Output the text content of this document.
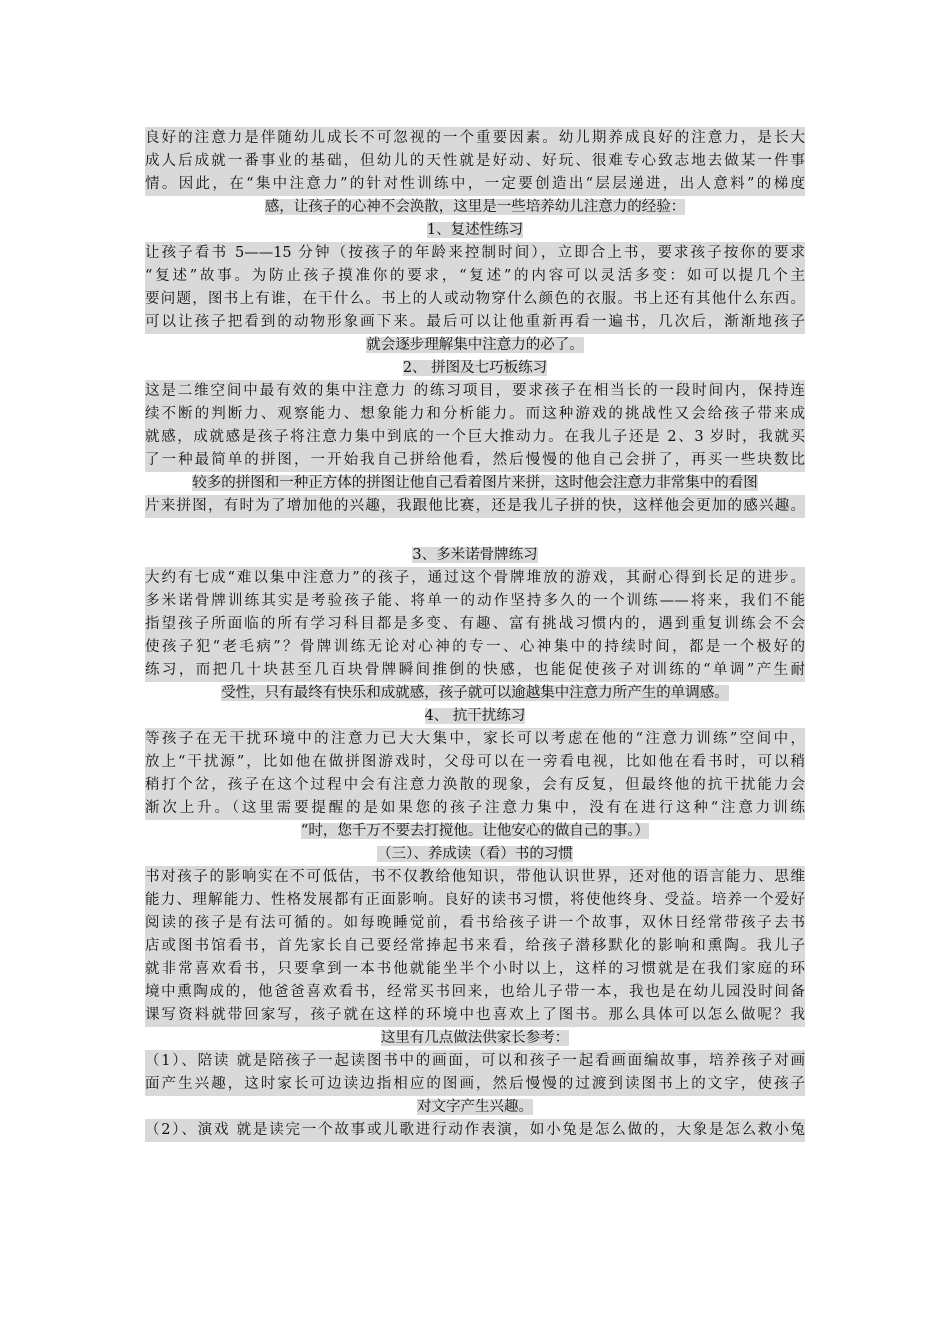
良好的注意力是伴随幼儿成长不可忽视的一个重要因素。幼儿期养成良好的注意力，是长大
成人后成就一番事业的基础，但幼儿的天性就是好动、好玩、很难专心致志地去做某一件事
情。因此，在“集中注意力”的针对性训练中，一定要创造出“层层递进，出人意料”的梯度
感，让孩子的心神不会涣散，这里是一些培养幼儿注意力的经验：
1、复述性练习
让孩子看书 5——15 分钟（按孩子的年龄来控制时间），立即合上书，要求孩子按你的要求
“复述”故事。为防止孩子摸准你的要求，“复述”的内容可以灵活多变：如可以提几个主
要问题，图书上有谁，在干什么。书上的人或动物穿什么颜色的衣服。书上还有其他什么东西。
可以让孩子把看到的动物形象画下来。最后可以让他重新再看一遍书，几次后，渐渐地孩子
就会逐步理解集中注意力的必了。
2、 拼图及七巧板练习
这是二维空间中最有效的集中注意力 的练习项目，要求孩子在相当长的一段时间内，保持连
续不断的判断力、观察能力、想象能力和分析能力。而这种游戏的挑战性又会给孩子带来成
就感，成就感是孩子将注意力集中到底的一个巨大推动力。在我儿子还是 2、3 岁时，我就买
了一种最简单的拼图，一开始我自己拼给他看，然后慢慢的他自己会拼了，再买一些块数比
较多的拼图和一种正方体的拼图让他自己看着图片来拼，这时他会注意力非常集中的看图
片来拼图，有时为了增加他的兴趣，我跟他比赛，还是我儿子拼的快，这样他会更加的感兴趣。
3、多米诺骨牌练习
大约有七成“难以集中注意力”的孩子，通过这个骨牌堆放的游戏，其耐心得到长足的进步。
多米诺骨牌训练其实是考验孩子能、将单一的动作坚持多久的一个训练——将来，我们不能
指望孩子所面临的所有学习科目都是多变、有趣、富有挑战习惯内的，遇到重复训练会不会
使孩子犯“老毛病”？骨牌训练无论对心神的专一、心神集中的持续时间，都是一个极好的
练习，而把几十块甚至几百块骨牌瞬间推倒的快感，也能促使孩子对训练的“单调”产生耐
受性，只有最终有快乐和成就感，孩子就可以逾越集中注意力所产生的单调感。
4、 抗干扰练习
等孩子在无干扰环境中的注意力已大大集中，家长可以考虑在他的“注意力训练”空间中，
放上“干扰源”，比如他在做拼图游戏时，父母可以在一旁看电视，比如他在看书时，可以稍
稍打个岔，孩子在这个过程中会有注意力涣散的现象，会有反复，但最终他的抗干扰能力会
渐次上升。（这里需要提醒的是如果您的孩子注意力集中，没有在进行这种“注意力训练
“时，您千万不要去打搅他。让他安心的做自己的事。）
（三）、养成读（看）书的习惯
书对孩子的影响实在不可低估，书不仅教给他知识，带他认识世界，还对他的语言能力、思维
能力、理解能力、性格发展都有正面影响。良好的读书习惯，将使他终身、受益。培养一个爱好
阅读的孩子是有法可循的。如每晚睡觉前，看书给孩子讲一个故事，双休日经常带孩子去书
店或图书馆看书，首先家长自己要经常捧起书来看，给孩子潜移默化的影响和熏陶。我儿子
就非常喜欢看书，只要拿到一本书他就能坐半个小时以上，这样的习惯就是在我们家庭的环
境中熏陶成的，他爸爸喜欢看书，经常买书回来，也给儿子带一本，我也是在幼儿园没时间备
课写资料就带回家写，孩子就在这样的环境中也喜欢上了图书。那么具体可以怎么做呢？我
这里有几点做法供家长参考：
（1）、陪读 就是陪孩子一起读图书中的画面，可以和孩子一起看画面编故事，培养孩子对画
面产生兴趣，这时家长可边读边指相应的图画，然后慢慢的过渡到读图书上的文字，使孩子
对文字产生兴趣。
（2）、演戏 就是读完一个故事或儿歌进行动作表演，如小兔是怎么做的，大象是怎么救小兔
